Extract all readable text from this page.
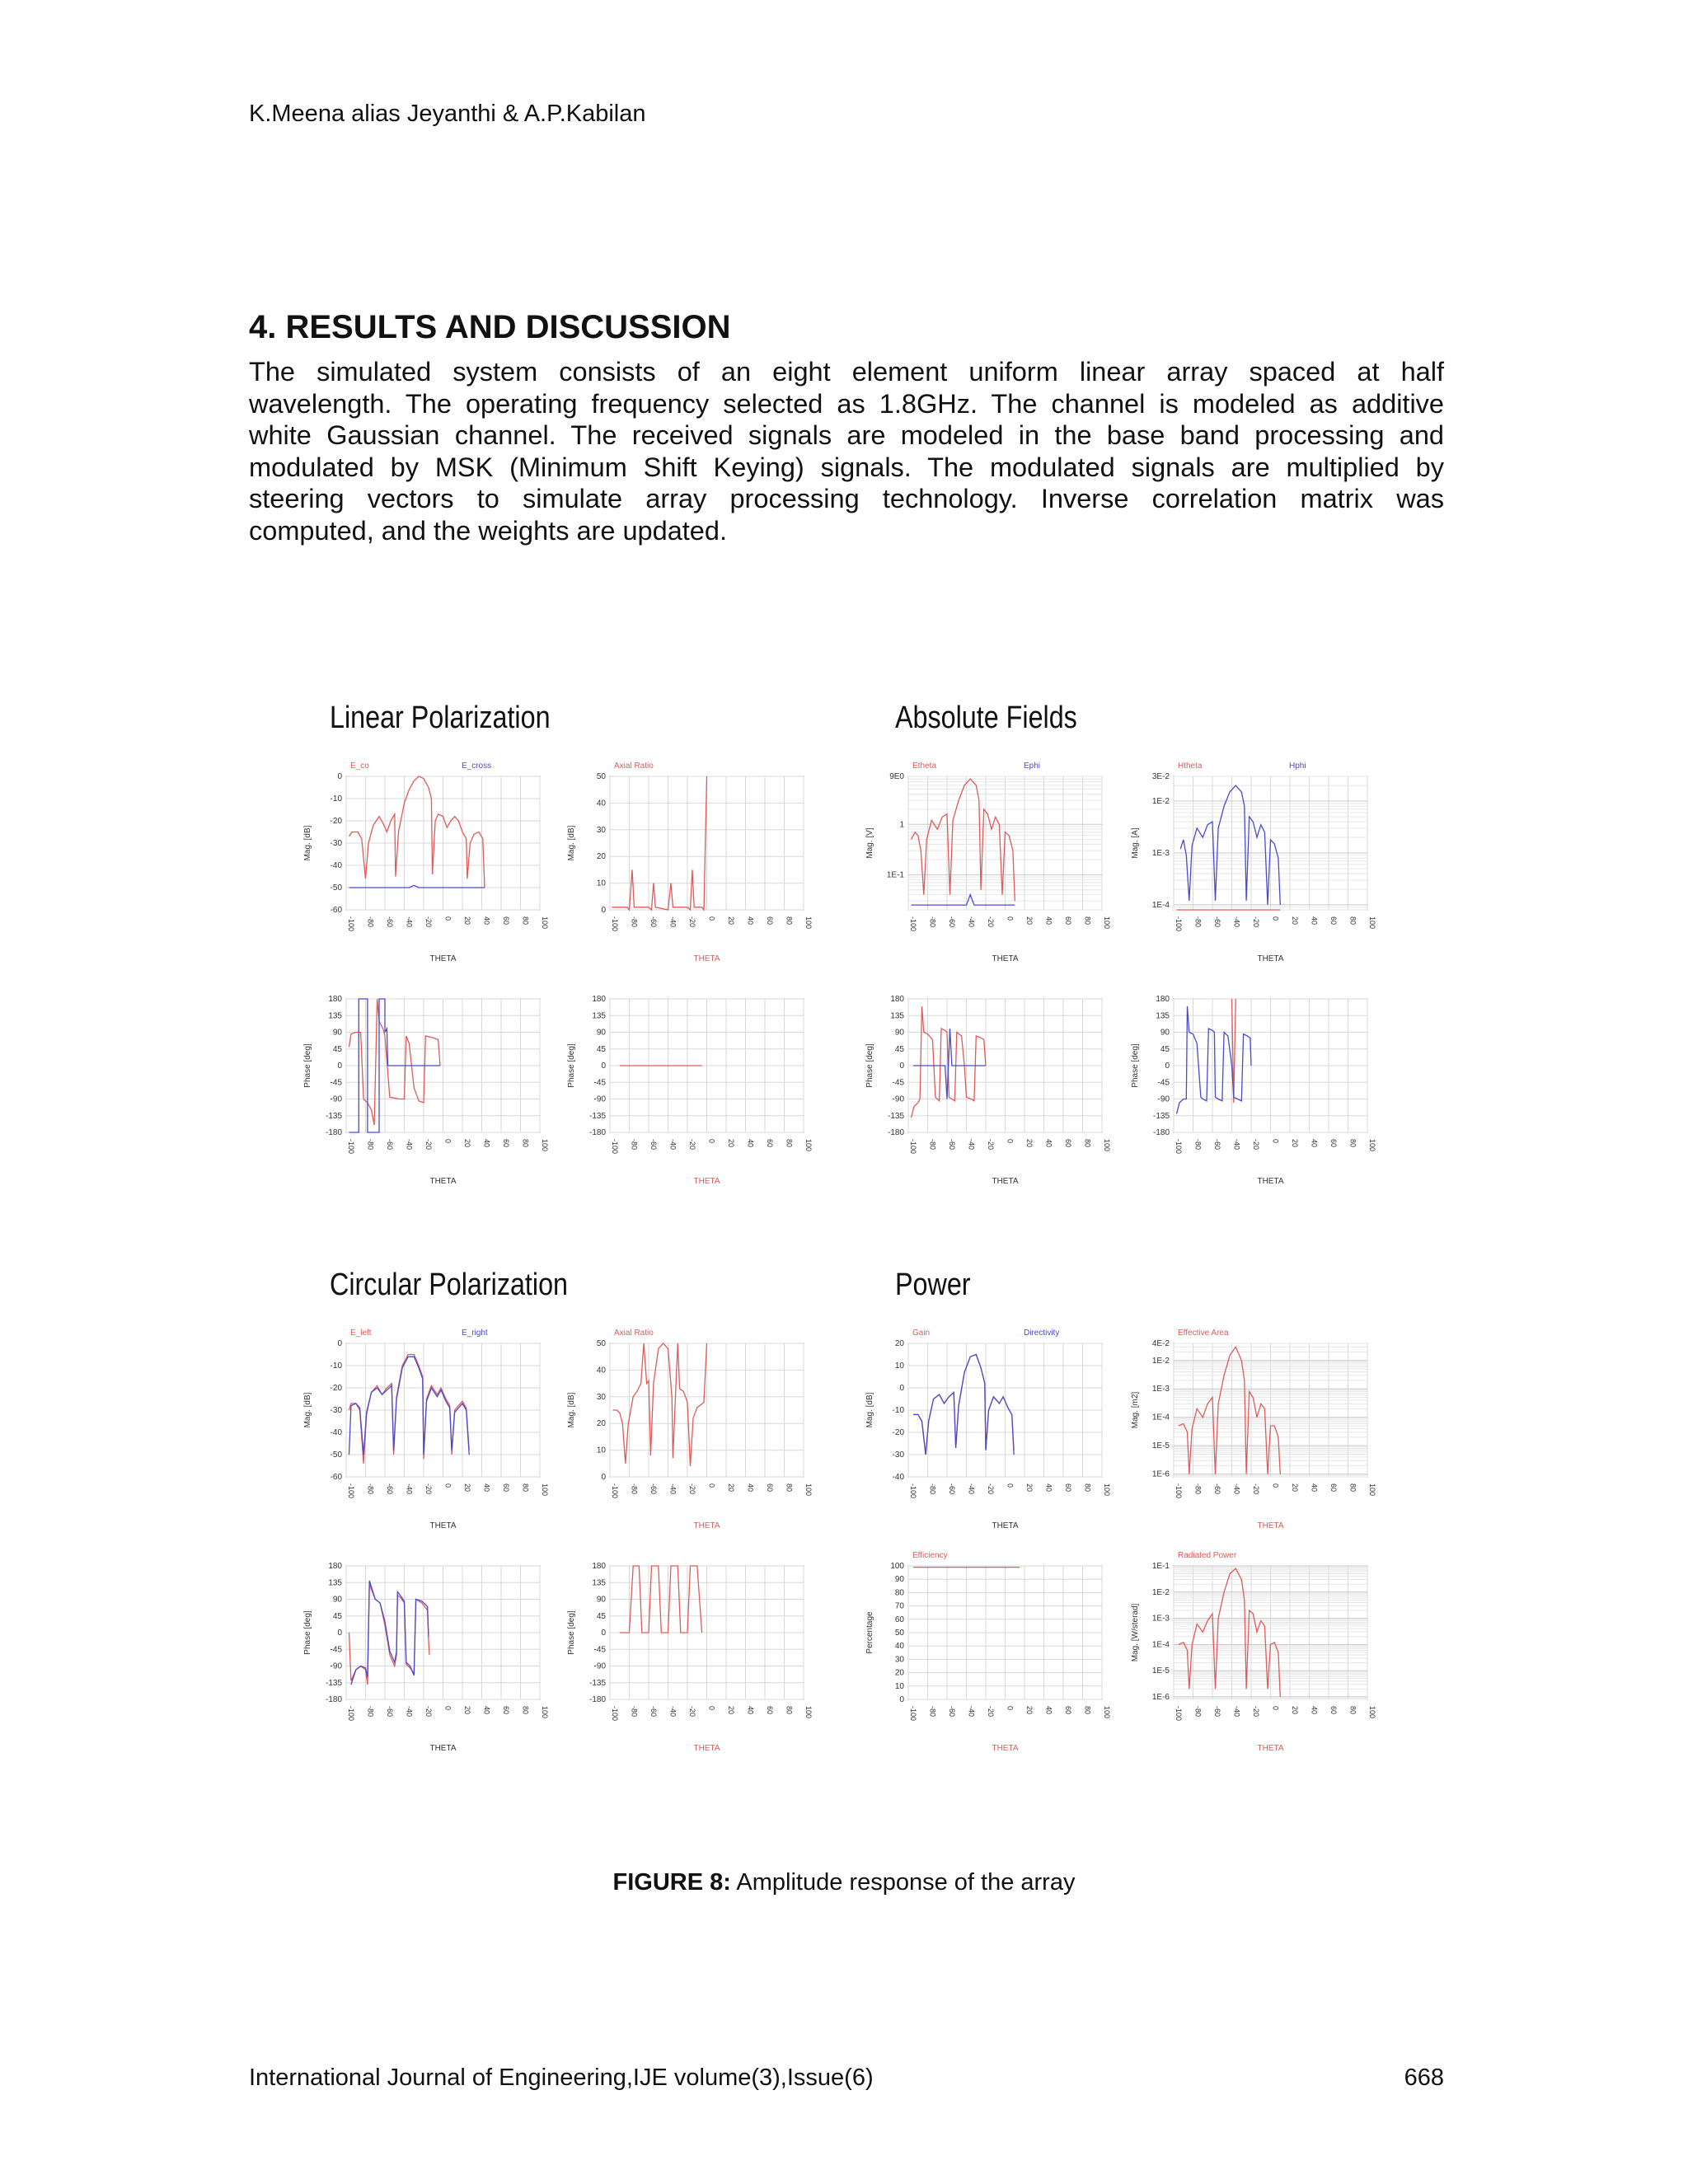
K.Meena alias Jeyanthi & A.P.Kabilan
4. RESULTS AND DISCUSSION
The simulated system consists of an eight element uniform linear array spaced at half
wavelength. The operating frequency selected as 1.8GHz. The channel is modeled as additive
white Gaussian channel. The received signals are modeled in the base band processing and
modulated by MSK (Minimum Shift Keying) signals. The modulated signals are multiplied by
steering vectors to simulate array processing technology. Inverse correlation matrix was
computed, and the weights are updated.
Linear Polarization	Absolute Fields
Circular Polarization	Power
-100 -80 -60 -40 -20 0 20 40 60 80 100
0
-10
-20
-30
-40
-50
-60
Mag. [dB]
THETA
E_co	E_cross
-100 -80 -60 -40 -20 0 20 40 60 80 100
50
40
30
20
10
0
Mag. [dB]
THETA
Axial Ratio
-100 -80 -60 -40 -20 0 20 40 60 80 100
9E0
1
1E-1
Mag. [V]
THETA
Etheta	Ephi
-100 -80 -60 -40 -20 0 20 40 60 80 100
3E-2
1E-2
1E-3
1E-4
Mag. [A]
THETA
Htheta	Hphi
-100 -80 -60 -40 -20 0 20 40 60 80 100
180
135
90
45
0
-45
-90
-135
-180
Phase [deg]
THETA
-100 -80 -60 -40 -20 0 20 40 60 80 100
180
135
90
45
0
-45
-90
-135
-180
Phase [deg]
THETA
-100 -80 -60 -40 -20 0 20 40 60 80 100
180
135
90
45
0
-45
-90
-135
-180
Phase [deg]
THETA
-100 -80 -60 -40 -20 0 20 40 60 80 100
180
135
90
45
0
-45
-90
-135
-180
Phase [deg]
THETA
-100 -80 -60 -40 -20 0 20 40 60 80 100
0
-10
-20
-30
-40
-50
-60
Mag. [dB]
THETA
E_left	E_right
-100 -80 -60 -40 -20 0 20 40 60 80 100
50
40
30
20
10
0
Mag. [dB]
THETA
Axial Ratio
-100 -80 -60 -40 -20 0 20 40 60 80 100
20
10
0
-10
-20
-30
-40
Mag. [dB]
THETA
Gain	Directivity
-100 -80 -60 -40 -20 0 20 40 60 80 100
4E-2
1E-2
1E-3
1E-4
1E-5
1E-6
Mag. [m2]
THETA
Effective Area
-100 -80 -60 -40 -20 0 20 40 60 80 100
180
135
90
45
0
-45
-90
-135
-180
Phase [deg]
THETA
-100 -80 -60 -40 -20 0 20 40 60 80 100
180
135
90
45
0
-45
-90
-135
-180
Phase [deg]
THETA
-100 -80 -60 -40 -20 0 20 40 60 80 100
100
90
80
70
60
50
40
30
20
10
0
Percentage
THETA
Efficiency
-100 -80 -60 -40 -20 0 20 40 60 80 100
1E-1
1E-2
1E-3
1E-4
1E-5
1E-6
Mag. [W/sterad]
THETA
Radiated Power
FIGURE 8: Amplitude response of the array
International Journal of Engineering,IJE volume(3),Issue(6)	668
